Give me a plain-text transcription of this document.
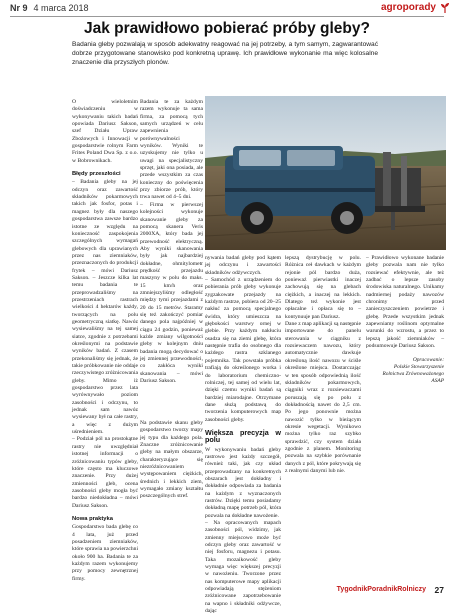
Nr 9 4 marca 2018	agroporady
Jak prawidłowo pobierać próby gleby?

Badania gleby pozwalają w sposób adekwatny reagować na jej potrzeby, a tym samym, zagwarantować dobrze przygotowane stanowisko pod konkretną uprawę. Ich prawidłowe wykonanie ma więc kolosalne znaczenie dla przyszłych plonów.

O wieloletnim doświadczeniu w wykonywaniu takich badań opowiada Dariusz Sakson, szef Działu Upraw Zbożowych i Innowacji w gospodarstwie rolnym Farm Frites Poland Dwa Sp. z o.o. w Bobrownikach.

Błędy przeszłości

– Badania gleby na jej odczyn oraz zawartość składników pokarmowych takich jak fosfor, potas i magnez były dla naszego gospodarstwa zawsze bardzo istotne ze względu na konieczność zaspokojenia szczególnych wymagań glebowych dla uprawianych przez nas ziemniaków, przeznaczonych do produkcji frytek – mówi Dariusz Sakson. – Jeszcze kilka lat temu badania te przeprowadzaliśmy na przestrzeniach rastrach wielkości 4 hektarów każdy, tworzących na polu geometryczną siatkę. Nawóz wysiewaliśmy na tej samej siatce, zgodnie z potrzebami określonymi na podstawie wyników badań. Z czasem przekonaliśmy się jednak, że takie próbkowanie nie oddaje rzeczywistego zróżnicowania gleby. Mimo iż gospodarstwo przez lata wyrównywało poziom zasobności i odczynu, to jednak sam nawóz wysiewany był na całe rastry, a więc z dużym uśrednieniem.

– Podział pól na prostokątne rastry nie uwzględniał istotnej informacji o zróżnicowaniu typów gleby, które często ma kluczowe znaczenie. Przy dużej zmienności gleb, ocena zasobności gleby mogła być bardzo niedokładna – mówi Dariusz Sakson.

Nowa praktyka

Gospodarstwo bada glebę co 4 lata, już przed posadzeniem ziemniaków, które sprawia na powierzchni około 900 ha. Badania te za każdym razem wykonujemy przy pomocy zewnętrznej firmy.

Badania te za każdym razem wykonuje ta sama firma, za pomocą tych samych urządzeń w celu zapewnienia porównywalności wyników. Wyniki te uzyskujemy nie tylko u uwagi na specjalistyczny sprzęt, jaki ona posiada, ale przede wszystkim za czas konieczny do poświęcenia przy zbiorze prób, który trwa nawet od 4–5 dni.

– Firma w pierwszej kolejności wykonuje skanowanie gleby za pomocą skanera Veris 2000XA, który bada jej przewodność elektryczną. Aby wyniki skanowania były jak najbardziej dokładne, ohmitylometr prędkość przejazdu maszyny w polu do maks. 15 km/h oraz zmniejszyliśmy odległość między tymi przejazdami z 20 do 15 metrów. Staramy się też zakończyć pomiar danego pola najpóźniej w ciągu 24 godzin, ponieważ każde zmiany wilgotności gleby w kolejnym dniu badania mogą decydować o jej zmiennej przewodności, co zakłóca wyniki skanowania – mówi Dariusz Sakson.

Na podstawie skanu gleby gospodarstwo tworzy mapy jej typu dla każdego pola. Znaczne zróżnicowanie gleby na małym obszarze, charakteryzujące się niezróżnicowaniem występowaniem ciężkich, średnich i lekkich ziem, wymagało zmiany kształtu poszczególnych stref.

nywania badań gleby pod kątem jej odczynu i zawartości składników odżywczych.

– Samochód z urządzeniem do pobierania prób gleby wykonuje zygzakowate przejazdy na każdym rastrze, pobiera od 20–25 nakłuć za pomocą specjalnego świdra, który umieszcza na głębokości warstwy ornej w glebie. Przy każdym nakłuciu osadza się na ziemi glebę, która następnie trafia do osobnego dla każdego rastra szklanego pojemnika. Tak powstała próbka trafiają do określonego worka i do laboratorium chemiczno-rolniczej, tej samej od wielu lat, dzięki czemu wyniki badań są bardziej miarodajne. Otrzymane dane służą podstawą do tworzenia komputerowych map zasobności gleby.

Większa precyzja w polu

W wykonywaniu badań gleby rastrowo jest każdy szczegół, również taki, jak czy układ przeprowadzany na konkretnych obszarach jest dokładny i dokładnie odpowiada za badania na każdym z wyznaczonych rastrów. Dzięki temu posiadamy dokładną mapę potrzeb pól, która pozwala na dokładne nawożenie.

– Na opracowanych mapach zasobności pól, widzimy, jak zmienny miejscowo może być odczyn gleby oraz zawartość w niej fosforu, magnezu i potasu. Taka mozaikowość gleby wymaga więc większej precyzji w nawożeniu. Tworzone przez nas komputerowe mapy aplikacji odpowiadają stężeniom zróżnicowane zapotrzebowanie na wapno i składniki odżywcze, dając

lepszą dystrybucję w polu. Różnica ceł dawkach w każdym rejonie pól bardzo duża, ponieważ pierwiastki inaczej zachowują się na glebach ciężkich, a inaczej na lekkich. Dlatego też wykonie jest opłacalne i opłaca się to – kontynuuje pan Dariusz.

Dane z map aplikacji są następnie importowane do panelu sterowania w ciągniku z rozsiewaczem nawozu, który automatycznie dawkuje określoną ilość nawozu w ściśle określone miejsca. Dostarczając w ten sposób odpowiednią ilość składników pokarmowych, ciągniki wraz z rozsiewaczami poruszają się po polu z dokładnością nawet do 2,5 cm. Po jego ponownie można nawozić tylko w bieżącym okresie wegetacji. Wynikowo można tylko raz szybko sprawdzić, czy system działa zgodnie z planem. Monitoring pozwala na szybkie porównanie danych z pól, które pokrywają się z realnymi danymi lub nie.

– Prawidłowo wykonane badanie gleby pozwala nam nie tylko rozsiewać efektywnie, ale też zadbać o lepsze zasoby środowiska naturalnego. Unikamy nadmiernej podaży nawozów chronimy przed zanieczyszczeniem powietrze i glebę. Przede wszystkim jednak zapewniamy roślinom optymalne warunki do wzrostu, a przez to lepszą jakość ziemniaków – podsumowuje Dariusz Sakson.

Opracowanie:
Polskie Stowarzyszenie
Rolnictwa Zrównoważonego
ASAP

TygodnikPoradnikRolniczy 27
